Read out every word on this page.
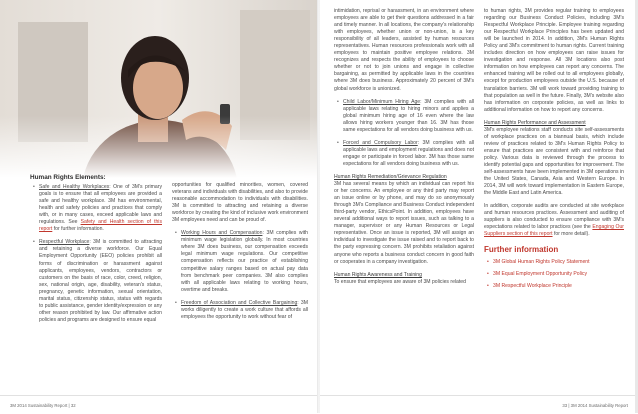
Human Rights Elements:
• Safe and Healthy Workplaces: One of 3M's primary goals is to ensure that all employees are provided a safe and healthy workplace. 3M has environmental, health and safety policies and practices that comply with, or in many cases, exceed applicable laws and regulations. See Safety and Health section of this report for further information.
• Respectful Workplace: 3M is committed to attracting and retaining a diverse workforce. Our Equal Employment Opportunity (EEO) policies prohibit all forms of discrimination or harassment against applicants, employees, vendors, contractors or customers on the basis of race, color, creed, religion, sex, national origin, age, disability, veteran's status, pregnancy, genetic information, sexual orientation, marital status, citizenship status, status with regards to public assistance, gender identity/expression or any other reason prohibited by law. Our affirmative action policies and programs are designed to ensure equal

opportunities for qualified minorities, women, covered veterans and individuals with disabilities, and also to provide reasonable accommodation to individuals with disabilities. 3M is committed to attracting and retaining a diverse workforce by creating the kind of inclusive work environment 3M employees need and can be proud of.

• Working Hours and Compensation: 3M complies with minimum wage legislation globally. In most countries where 3M does business, our compensation exceeds legal minimum wage regulations. Our competitive compensation reflects our practice of establishing competitive salary ranges based on actual pay data from benchmark peer companies. 3M also complies with all applicable laws relating to working hours, overtime and breaks.
• Freedom of Association and Collective Bargaining: 3M works diligently to create a work culture that affords all employees the opportunity to work without fear of
3M 2014 Sustainability Report | 32

intimidation, reprisal or harassment, in an environment where employees are able to get their questions addressed in a fair and timely manner. In all locations, the company's relationship with employees, whether union or non-union, is a key responsibility of all leaders, assisted by human resources representatives. Human resources professionals work with all employees to maintain positive employee relations. 3M recognizes and respects the ability of employees to choose whether or not to join unions and engage in collective bargaining, as permitted by applicable laws in the countries where 3M does business. Approximately 20 percent of 3M's global workforce is unionized.

• Child Labor/Minimum Hiring Age: 3M complies with all applicable laws relating to hiring minors and applies a global minimum hiring age of 16 even where the law allows hiring workers younger than 16. 3M has those same expectations for all vendors doing business with us.
• Forced and Compulsory Labor: 3M complies with all applicable laws and employment regulations and does not engage or participate in forced labor. 3M has those same expectations for all vendors doing business with us.

Human Rights Remediation/Grievance Regulation
3M has several means by which an individual can report his or her concerns. An employee or any third party may report an issue online or by phone, and may do so anonymously through 3M's Compliance and Business Conduct independent third-party vendor, EthicsPoint. In addition, employees have several additional ways to report issues, such as talking to a manager, supervisor or any Human Resources or Legal representative. Once an issue is reported, 3M will assign an individual to investigate the issue raised and to report back to the party expressing concern. 3M prohibits retaliation against anyone who reports a business conduct concern in good faith or cooperates in a company investigation.

Human Rights Awareness and Training
To ensure that employees are aware of 3M policies related

to human rights, 3M provides regular training to employees regarding our Business Conduct Policies, including 3M's Respectful Workplace Principle. Employee training regarding our Respectful Workplace Principles has been updated and will be launched in 2014. In addition, 3M's Human Rights Policy and 3M's commitment to human rights. Current training includes direction on how employees can raise issues for investigation and response. All 3M locations also post information on how employees can report any concerns. The enhanced training will be rolled out to all employees globally, except for production employees outside the U.S. because of translation barriers. 3M will work toward providing training to that population as well in the future. Finally, 3M's website also has information on corporate policies, as well as links to additional information on how to report any concerns.

Human Rights Performance and Assessment
3M's employee relations staff conducts site self-assessments of workplace practices on a biannual basis, which include review of practices related to 3M's Human Rights Policy to ensure that practices are consistent with and reinforce that policy. Various data is reviewed through the process to identify potential gaps and opportunities for improvement. The self-assessments have been implemented in 3M operations in the United States, Canada, Asia and Western Europe. In 2014, 3M will work toward implementation in Eastern Europe, the Middle East and Latin America.

In addition, corporate audits are conducted at site workplace and human resources practices. Assessment and auditing of suppliers is also conducted to ensure compliance with 3M's expectations related to labor practices (see the Engaging Our Suppliers section of this report for more detail).

Further information
• 3M Global Human Rights Policy Statement
• 3M Equal Employment Opportunity Policy
• 3M Respectful Workplace Principle
33 | 3M 2014 Sustainability Report
